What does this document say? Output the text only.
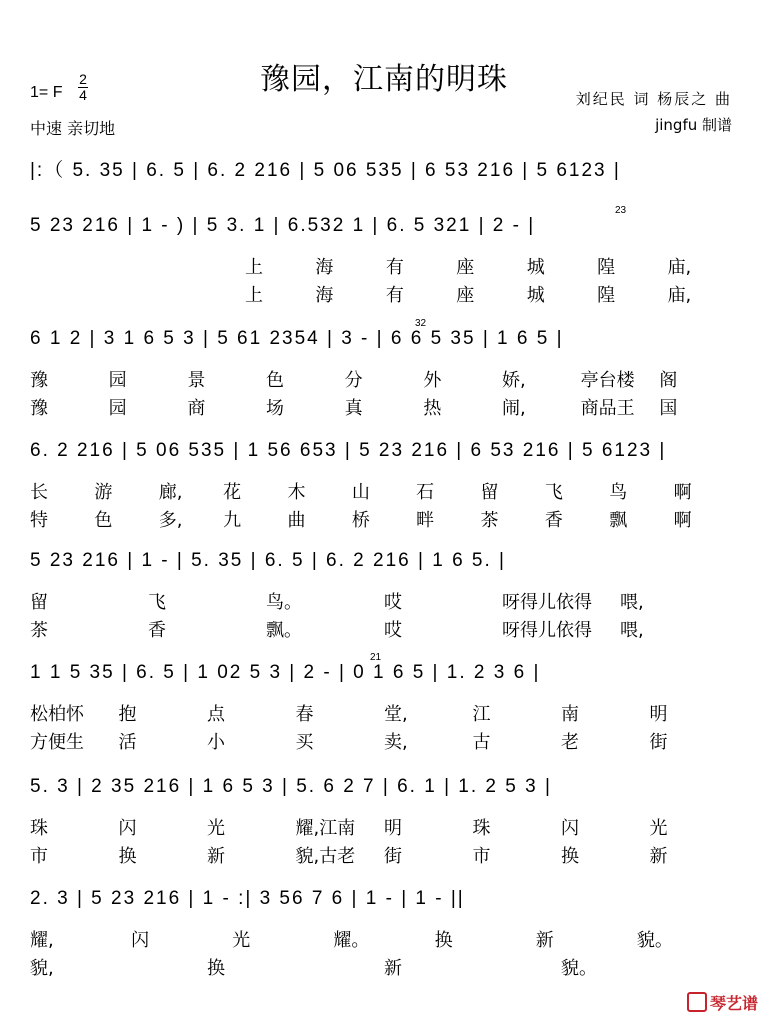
豫园，江南的明珠
1= F
2
4
中速 亲切地
刘纪民 词 杨辰之 曲
jingfu 制谱
|:（ 5. 35 | 6. 5 | 6. 2 216 | 5 06 535 | 6 53 216 | 5 6123 |
5 23 216 | 1 - ) | 5 3. 1 | 6.532 1 | 6. 5 321 | 2 - |
23
上	海	有	座	城	隍	庙,
上	海	有	座	城	隍	庙,
6 1 2 | 3 1 6 5 3 | 5 61 2354 | 3 - | 6 6 5 35 | 1 6 5 |
32
豫	园	景	色	分	外	娇,	亭台楼 阁
豫	园	商	场	真	热	闹,	商品王 国
6. 2 216 | 5 06 535 | 1 56 653 | 5 23 216 | 6 53 216 | 5 6123 |
长	游	廊, 花	木	山	石	留	飞	鸟	啊
特	色	多, 九	曲	桥	畔	茶	香	飘	啊
5 23 216 | 1 - | 5. 35 | 6. 5 | 6. 2 216 | 1 6 5. |
留	飞	鸟。	哎	呀得儿依得 喂,
茶	香	飘。	哎	呀得儿依得 喂,
1 1 5 35 | 6. 5 | 1 02 5 3 | 2 - | 0 1 6 5 | 1. 2 3 6 |
21
松柏怀 抱	点	春	堂,	江	南	明
方便生 活	小	买	卖,	古	老	街
5. 3 | 2 35 216 | 1 6 5 3 | 5. 6 2 7 | 6. 1 | 1. 2 5 3 |
珠	闪	光	耀,江南 明	珠	闪	光
市	换	新	貌,古老 街	市	换	新
2. 3 | 5 23 216 | 1 - :| 3 56 7 6 | 1 - | 1 - ||
耀,	闪	光	耀。	换	新	貌。
貌,	换	新	貌。
琴艺谱
